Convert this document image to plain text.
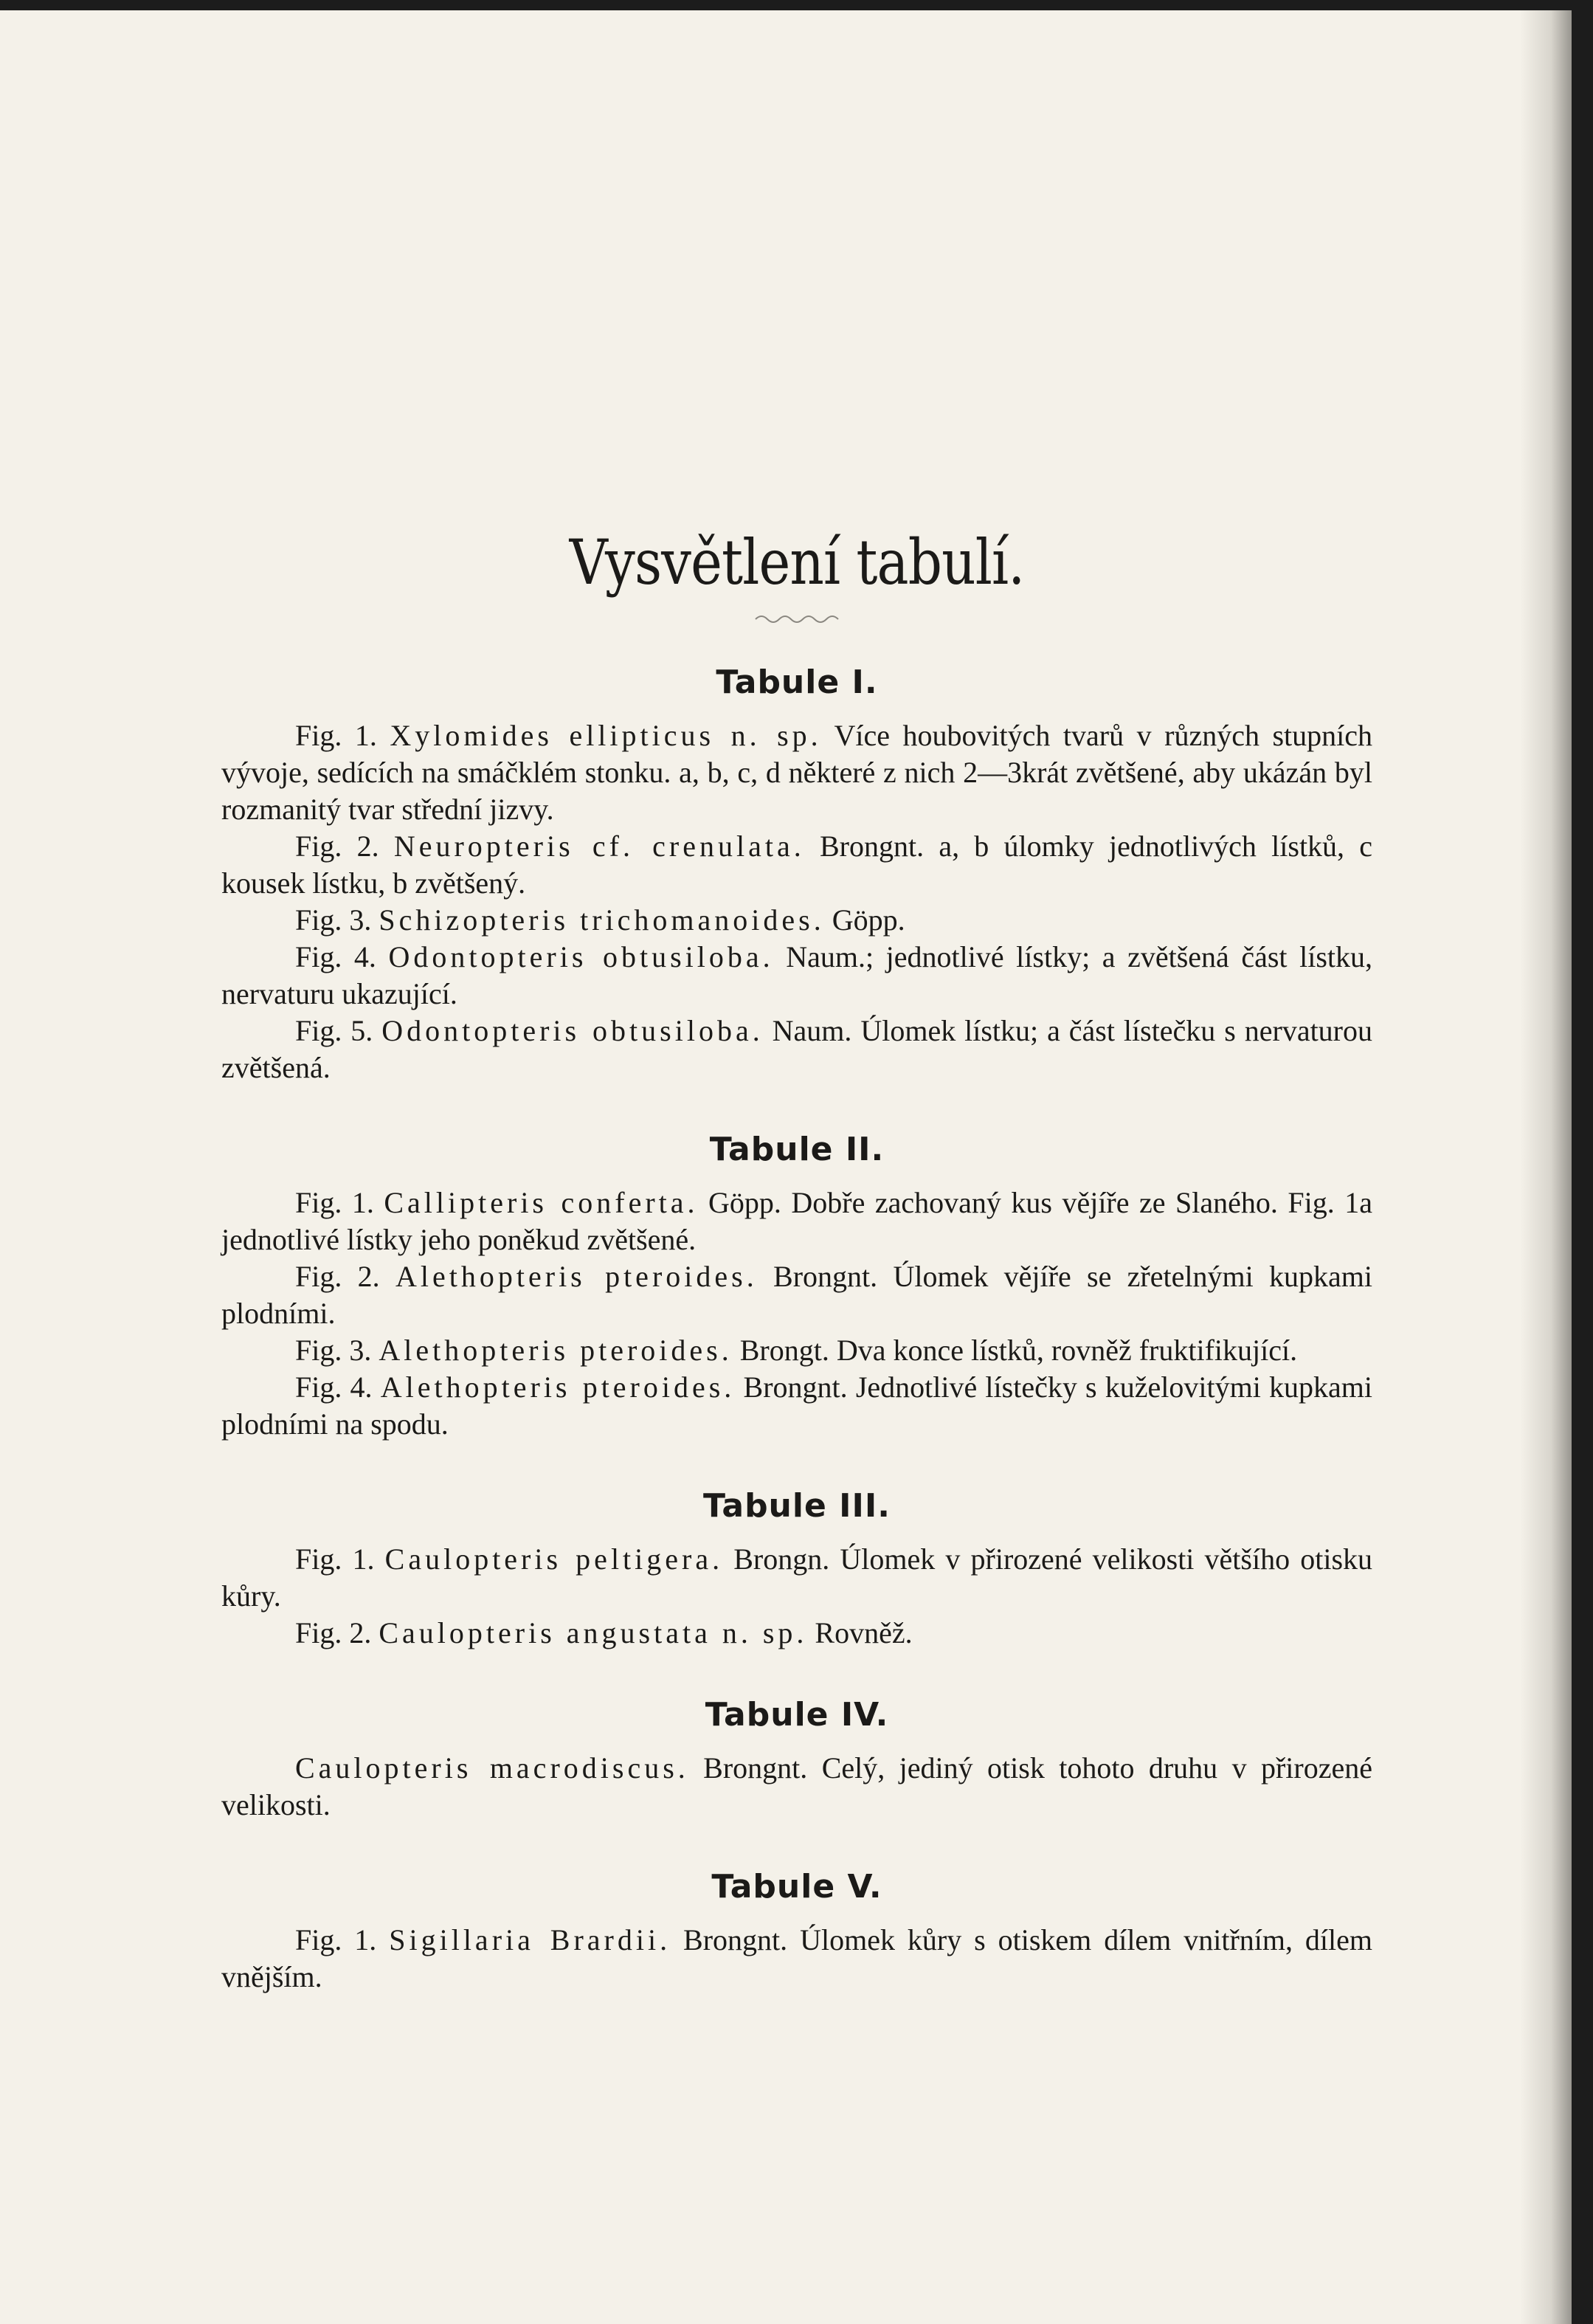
Vysvětlení tabulí.
Tabule I.

Fig. 1. Xylomides ellipticus n. sp. Více houbovitých tvarů v různých stupních vývoje, sedících na smáčklém stonku. a, b, c, d některé z nich 2—3krát zvětšené, aby ukázán byl rozmanitý tvar střední jizvy.

Fig. 2. Neuropteris cf. crenulata. Brongnt. a, b úlomky jednotlivých lístků, c kousek lístku, b zvětšený.

Fig. 3. Schizopteris trichomanoides. Göpp.

Fig. 4. Odontopteris obtusiloba. Naum.; jednotlivé lístky; a zvětšená část lístku, nervaturu ukazující.

Fig. 5. Odontopteris obtusiloba. Naum. Úlomek lístku; a část lístečku s nervaturou zvětšená.

Tabule II.

Fig. 1. Callipteris conferta. Göpp. Dobře zachovaný kus vějíře ze Slaného. Fig. 1a jednotlivé lístky jeho poněkud zvětšené.

Fig. 2. Alethopteris pteroides. Brongnt. Úlomek vějíře se zřetelnými kupkami plodními.

Fig. 3. Alethopteris pteroides. Brongt. Dva konce lístků, rovněž fruktifikující.

Fig. 4. Alethopteris pteroides. Brongnt. Jednotlivé lístečky s kuželovitými kupkami plodními na spodu.

Tabule III.

Fig. 1. Caulopteris peltigera. Brongn. Úlomek v přirozené velikosti většího otisku kůry.

Fig. 2. Caulopteris angustata n. sp. Rovněž.

Tabule IV.

Caulopteris macrodiscus. Brongnt. Celý, jediný otisk tohoto druhu v přirozené velikosti.

Tabule V.

Fig. 1. Sigillaria Brardii. Brongnt. Úlomek kůry s otiskem dílem vnitřním, dílem vnějším.
